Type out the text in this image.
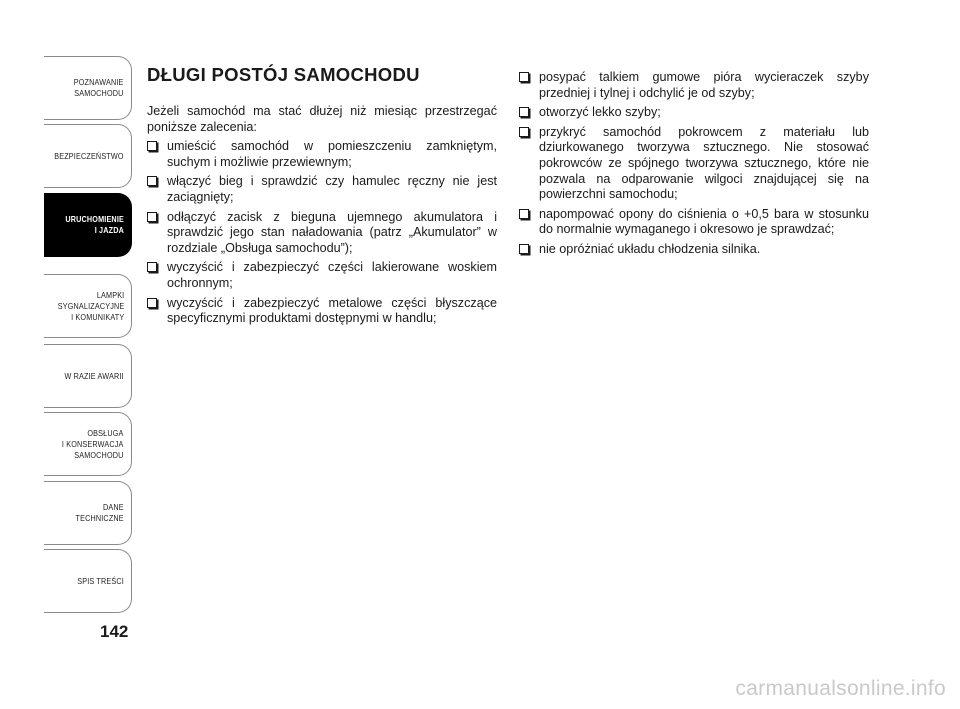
POZNAWANIE
SAMOCHODU
BEZPIECZEŃSTWO
URUCHOMIENIE
I JAZDA
LAMPKI
SYGNALIZACYJNE
I KOMUNIKATY
W RAZIE AWARII
OBSŁUGA
I KONSERWACJA
SAMOCHODU
DANE
TECHNICZNE
SPIS TREŚCI
142
DŁUGI POSTÓJ SAMOCHODU

Jeżeli samochód ma stać dłużej niż miesiąc przestrzegać poniższe zalecenia:

umieścić samochód w pomieszczeniu zamkniętym, suchym i możliwie przewiewnym;
włączyć bieg i sprawdzić czy hamulec ręczny nie jest zaciągnięty;
odłączyć zacisk z bieguna ujemnego akumulatora i sprawdzić jego stan naładowania (patrz „Akumulator” w rozdziale „Obsługa samochodu”);
wyczyścić i zabezpieczyć części lakierowane woskiem ochronnym;
wyczyścić i zabezpieczyć metalowe części błyszczące specyficznymi produktami dostępnymi w handlu;
posypać talkiem gumowe pióra wycieraczek szyby przedniej i tylnej i odchylić je od szyby;
otworzyć lekko szyby;
przykryć samochód pokrowcem z materiału lub dziurkowanego tworzywa sztucznego. Nie stosować pokrowców ze spójnego tworzywa sztucznego, które nie pozwala na odparowanie wilgoci znajdującej się na powierzchni samochodu;
napompować opony do ciśnienia o +0,5 bara w stosunku do normalnie wymaganego i okresowo je sprawdzać;
nie opróżniać układu chłodzenia silnika.
carmanualsonline.info
